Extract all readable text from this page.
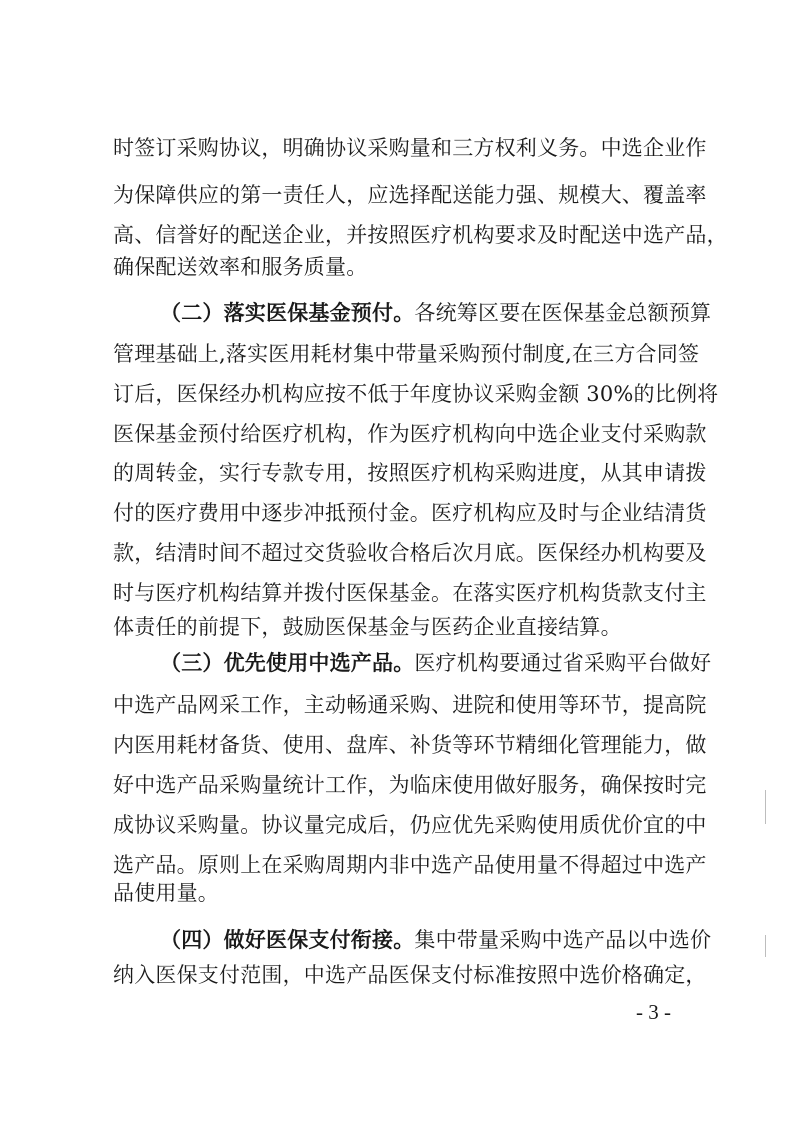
时签订采购协议，明确协议采购量和三方权利义务。中选企业作
为保障供应的第一责任人，应选择配送能力强、规模大、覆盖率
高、信誉好的配送企业，并按照医疗机构要求及时配送中选产品，
确保配送效率和服务质量。
（二）落实医保基金预付。各统筹区要在医保基金总额预算
管理基础上,落实医用耗材集中带量采购预付制度,在三方合同签
订后，医保经办机构应按不低于年度协议采购金额 30%的比例将
医保基金预付给医疗机构，作为医疗机构向中选企业支付采购款
的周转金，实行专款专用，按照医疗机构采购进度，从其申请拨
付的医疗费用中逐步冲抵预付金。医疗机构应及时与企业结清货
款，结清时间不超过交货验收合格后次月底。医保经办机构要及
时与医疗机构结算并拨付医保基金。在落实医疗机构货款支付主
体责任的前提下，鼓励医保基金与医药企业直接结算。
（三）优先使用中选产品。医疗机构要通过省采购平台做好
中选产品网采工作，主动畅通采购、进院和使用等环节，提高院
内医用耗材备货、使用、盘库、补货等环节精细化管理能力，做
好中选产品采购量统计工作，为临床使用做好服务，确保按时完
成协议采购量。协议量完成后，仍应优先采购使用质优价宜的中
选产品。原则上在采购周期内非中选产品使用量不得超过中选产
品使用量。
（四）做好医保支付衔接。集中带量采购中选产品以中选价
纳入医保支付范围，中选产品医保支付标准按照中选价格确定，
- 3 -
